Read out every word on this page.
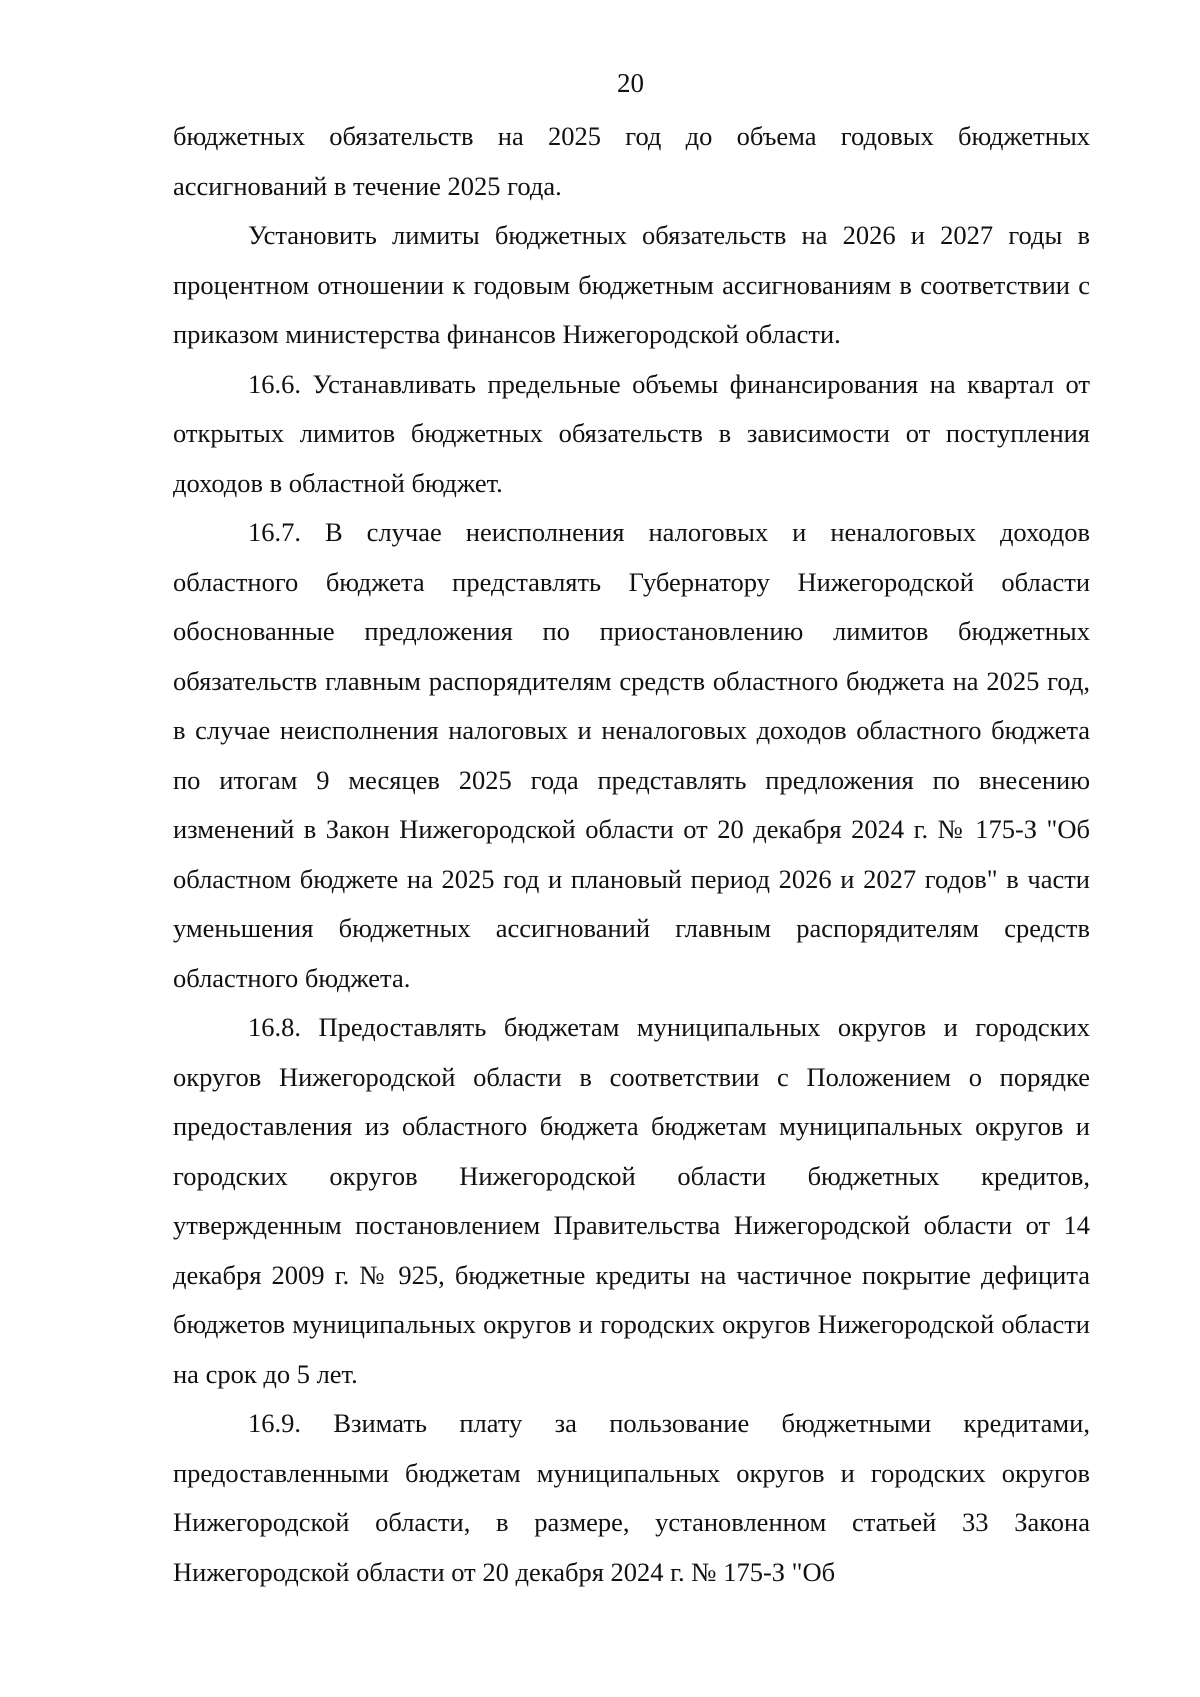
20

бюджетных обязательств на 2025 год до объема годовых бюджетных ассигнований в течение 2025 года.

Установить лимиты бюджетных обязательств на 2026 и 2027 годы в процентном отношении к годовым бюджетным ассигнованиям в соответствии с приказом министерства финансов Нижегородской области.

16.6. Устанавливать предельные объемы финансирования на квартал от открытых лимитов бюджетных обязательств в зависимости от поступления доходов в областной бюджет.

16.7. В случае неисполнения налоговых и неналоговых доходов областного бюджета представлять Губернатору Нижегородской области обоснованные предложения по приостановлению лимитов бюджетных обязательств главным распорядителям средств областного бюджета на 2025 год, в случае неисполнения налоговых и неналоговых доходов областного бюджета по итогам 9 месяцев 2025 года представлять предложения по внесению изменений в Закон Нижегородской области от 20 декабря 2024 г. № 175-З "Об областном бюджете на 2025 год и плановый период 2026 и 2027 годов" в части уменьшения бюджетных ассигнований главным распорядителям средств областного бюджета.

16.8. Предоставлять бюджетам муниципальных округов и городских округов Нижегородской области в соответствии с Положением о порядке предоставления из областного бюджета бюджетам муниципальных округов и городских округов Нижегородской области бюджетных кредитов, утвержденным постановлением Правительства Нижегородской области от 14 декабря 2009 г. № 925, бюджетные кредиты на частичное покрытие дефицита бюджетов муниципальных округов и городских округов Нижегородской области на срок до 5 лет.

16.9. Взимать плату за пользование бюджетными кредитами, предоставленными бюджетам муниципальных округов и городских округов Нижегородской области, в размере, установленном статьей 33 Закона Нижегородской области от 20 декабря 2024 г. № 175-З "Об
